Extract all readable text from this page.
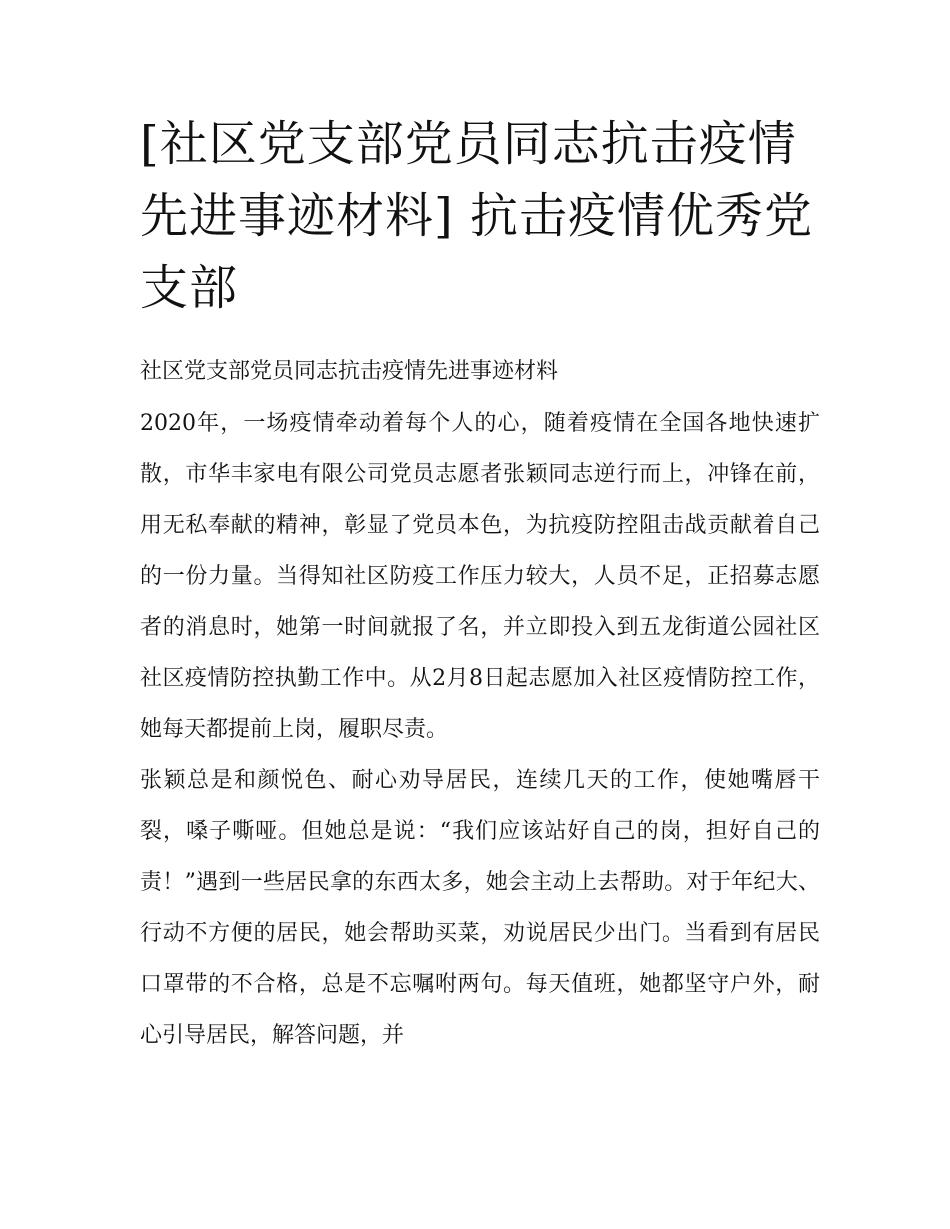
[社区党支部党员同志抗击疫情先进事迹材料] 抗击疫情优秀党支部

社区党支部党员同志抗击疫情先进事迹材料

2020年，一场疫情牵动着每个人的心，随着疫情在全国各地快速扩散，市华丰家电有限公司党员志愿者张颖同志逆行而上，冲锋在前，用无私奉献的精神，彰显了党员本色，为抗疫防控阻击战贡献着自己的一份力量。当得知社区防疫工作压力较大，人员不足，正招募志愿者的消息时，她第一时间就报了名，并立即投入到五龙街道公园社区社区疫情防控执勤工作中。从2月8日起志愿加入社区疫情防控工作，她每天都提前上岗，履职尽责。

张颖总是和颜悦色、耐心劝导居民，连续几天的工作，使她嘴唇干裂，嗓子嘶哑。但她总是说：“我们应该站好自己的岗，担好自己的责！”遇到一些居民拿的东西太多，她会主动上去帮助。对于年纪大、行动不方便的居民，她会帮助买菜，劝说居民少出门。当看到有居民口罩带的不合格，总是不忘嘱咐两句。每天值班，她都坚守户外，耐心引导居民，解答问题，并
